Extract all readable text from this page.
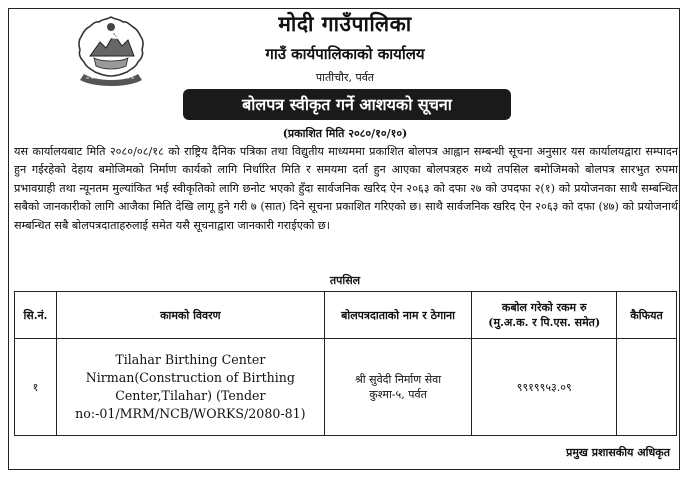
मोदी गाउँपालिका
गाउँ कार्यपालिकाको कार्यालय
पातीचौर, पर्वत
बोलपत्र स्वीकृत गर्ने आशयको सूचना
(प्रकाशित मिति २०८०/१०/१०)
यस कार्यालयबाट मिति २०८०/०८/१८ को राष्ट्रिय दैनिक पत्रिका तथा विद्युतीय माध्यममा प्रकाशित बोलपत्र आह्वान सम्बन्धी सूचना अनुसार यस कार्यालयद्वारा सम्पादन हुन गईरहेको देहाय बमोजिमको निर्माण कार्यको लागि निर्धारित मिति र समयमा दर्ता हुन आएका बोलपत्रहरु मध्ये तपसिल बमोजिमको बोलपत्र सारभुत रुपमा प्रभावग्राही तथा न्यूनतम मुल्यांकित भई स्वीकृतिको लागि छनोट भएको हुँदा सार्वजनिक खरिद ऐन २०६३ को दफा २७ को उपदफा २(१) को प्रयोजनका साथै सम्बन्धित सबैको जानकारीको लागि आजैका मिति देखि लागू हुने गरी ७ (सात) दिने सूचना प्रकाशित गरिएको छ। साथै सार्वजनिक खरिद ऐन २०६३ को दफा (४७) को प्रयोजनार्थ सम्बन्धित सबै बोलपत्रदाताहरुलाई समेत यसै सूचनाद्वारा जानकारी गराईएको छ।
तपसिल
सि.नं.	कामको विवरण	बोलपत्रदाताको नाम र ठेगाना	कबोल गरेको रकम रु
(मु.अ.क. र पि.एस. समेत)	कैफियत
१	Tilahar Birthing Center Nirman(Construction of Birthing Center,Tilahar) (Tender no:-01/MRM/NCB/WORKS/2080-81)	श्री सुवेदी निर्माण सेवा
कुश्मा-५, पर्वत	९९१९९५३.०९	
प्रमुख प्रशासकीय अधिकृत
